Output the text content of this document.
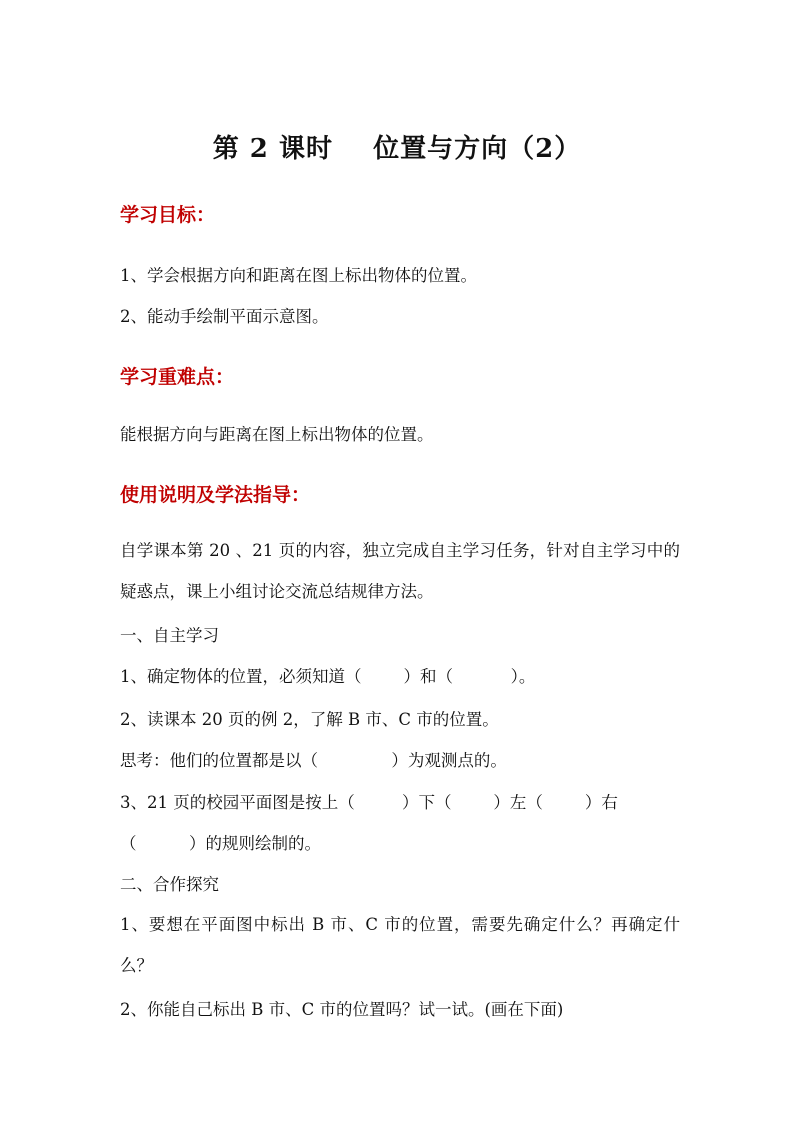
第 2 课时    位置与方向（2）
学习目标：
1、学会根据方向和距离在图上标出物体的位置。
2、能动手绘制平面示意图。
学习重难点：
能根据方向与距离在图上标出物体的位置。
使用说明及学法指导：
自学课本第 20 、21 页的内容，独立完成自主学习任务，针对自主学习中的疑惑点，课上小组讨论交流总结规律方法。
一、自主学习
1、确定物体的位置，必须知道（        ）和（           ）。
2、读课本 20 页的例 2，了解 B 市、C 市的位置。
思考：他们的位置都是以（              ）为观测点的。
3、21 页的校园平面图是按上（         ）下（        ）左（        ）右
（          ）的规则绘制的。
二、合作探究
1、要想在平面图中标出 B 市、C 市的位置，需要先确定什么？再确定什么？
2、你能自己标出 B 市、C 市的位置吗？试一试。(画在下面)
